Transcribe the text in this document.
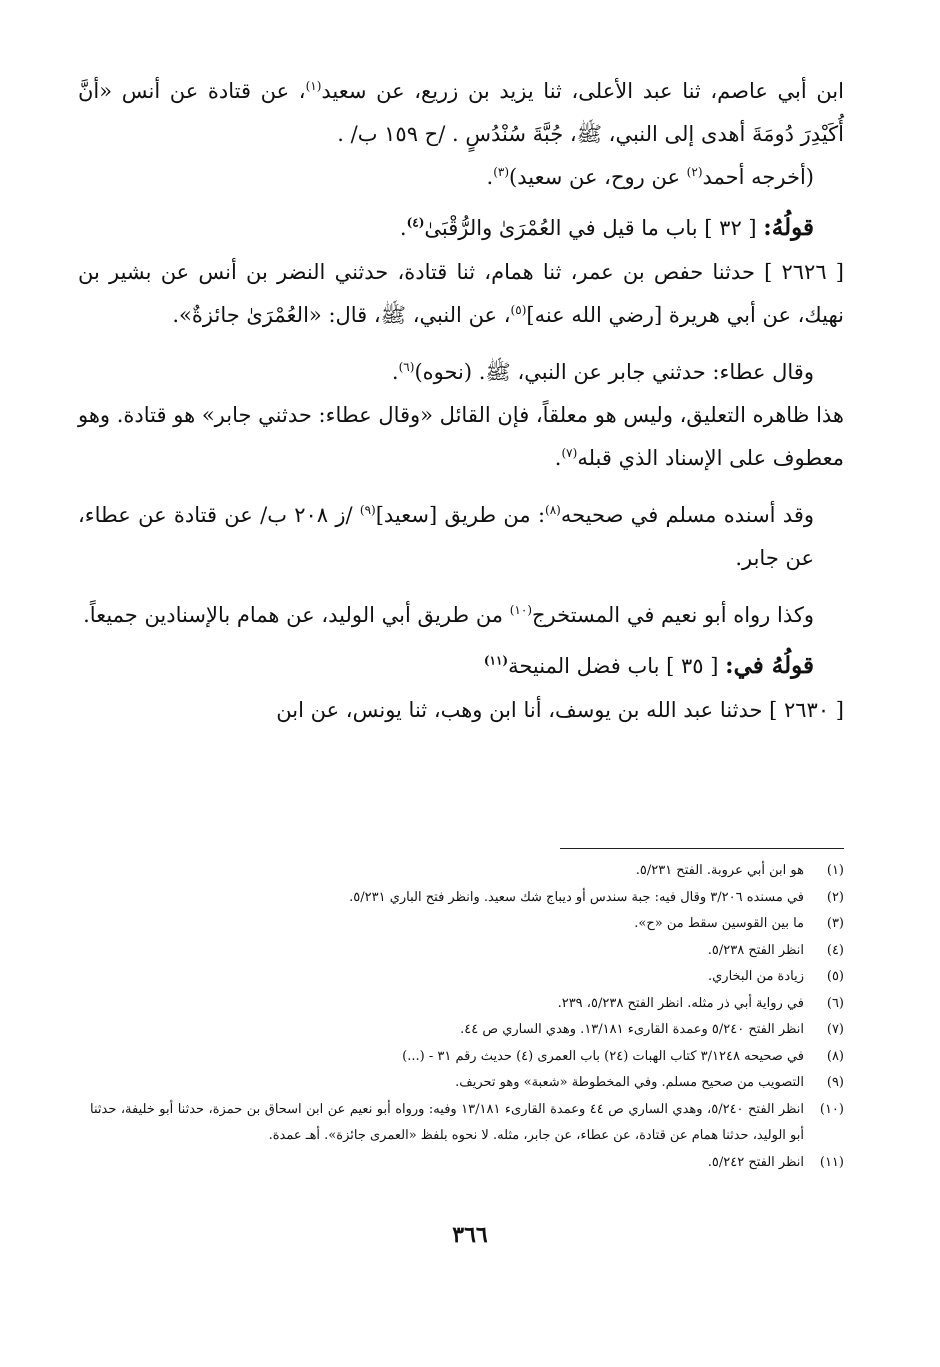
ابن أبي عاصم، ثنا عبد الأعلى، ثنا يزيد بن زريع، عن سعيد$^{(١)}$، عن قتادة عن أنس «أنَّ أُكَيْدِرَ دُومَةَ أهدى إلى النبي، ﷺ، جُبَّةَ سُنْدُسٍ . /ح ١٥٩ ب/ .

(أخرجه أحمد$^{(٢)}$ عن روح، عن سعيد)$^{(٣)}$.

قولُهُ: [ ٣٢ ] باب ما قيل في العُمْرَىٰ والرُّقْبَىٰ$^{(٤)}$.

[ ٢٦٢٦ ] حدثنا حفص بن عمر، ثنا همام، ثنا قتادة، حدثني النضر بن أنس عن بشير بن نهيك، عن أبي هريرة [رضي الله عنه]$^{(٥)}$، عن النبي، ﷺ، قال: «العُمْرَىٰ جائزةٌ».

وقال عطاء: حدثني جابر عن النبي، ﷺ. (نحوه)$^{(٦)}$.

هذا ظاهره التعليق، وليس هو معلقاً، فإن القائل «وقال عطاء: حدثني جابر» هو قتادة. وهو معطوف على الإسناد الذي قبله$^{(٧)}$.

وقد أسنده مسلم في صحيحه$^{(٨)}$: من طريق [سعيد]$^{(٩)}$ /ز ٢٠٨ ب/ عن قتادة عن عطاء، عن جابر.

وكذا رواه أبو نعيم في المستخرج$^{(١٠)}$ من طريق أبي الوليد، عن همام بالإسنادين جميعاً.

قولُهُ في: [ ٣٥ ] باب فضل المنيحة$^{(١١)}$

[ ٢٦٣٠ ] حدثنا عبد الله بن يوسف، أنا ابن وهب، ثنا يونس، عن ابن

(١)
هو ابن أبي عروبة. الفتح ٥/٢٣١.
(٢)
في مسنده ٣/٢٠٦ وقال فيه: جبة سندس أو ديباج شك سعيد. وانظر فتح الباري ٥/٢٣١.
(٣)
ما بين القوسين سقط من «ح».
(٤)
انظر الفتح ٥/٢٣٨.
(٥)
زيادة من البخاري.
(٦)
في رواية أبي ذر مثله. انظر الفتح ٥/٢٣٨، ٢٣٩.
(٧)
انظر الفتح ٥/٢٤٠ وعمدة القارىء ١٣/١٨١. وهدي الساري ص ٤٤.
(٨)
في صحيحه ٣/١٢٤٨ كتاب الهبات (٢٤) باب العمرى (٤) حديث رقم ٣١ - (...)
(٩)
التصويب من صحيح مسلم. وفي المخطوطة «شعبة» وهو تحريف.
(١٠)
انظر الفتح ٥/٢٤٠، وهدي الساري ص ٤٤ وعمدة القارىء ١٣/١٨١ وفيه: ورواه أبو نعيم عن ابن اسحاق بن حمزة، حدثنا أبو خليفة، حدثنا أبو الوليد، حدثنا همام عن قتادة، عن عطاء، عن جابر، مثله. لا نحوه بلفظ «العمرى جائزة». أهـ عمدة.
(١١)
انظر الفتح ٥/٢٤٢.
٣٦٦
